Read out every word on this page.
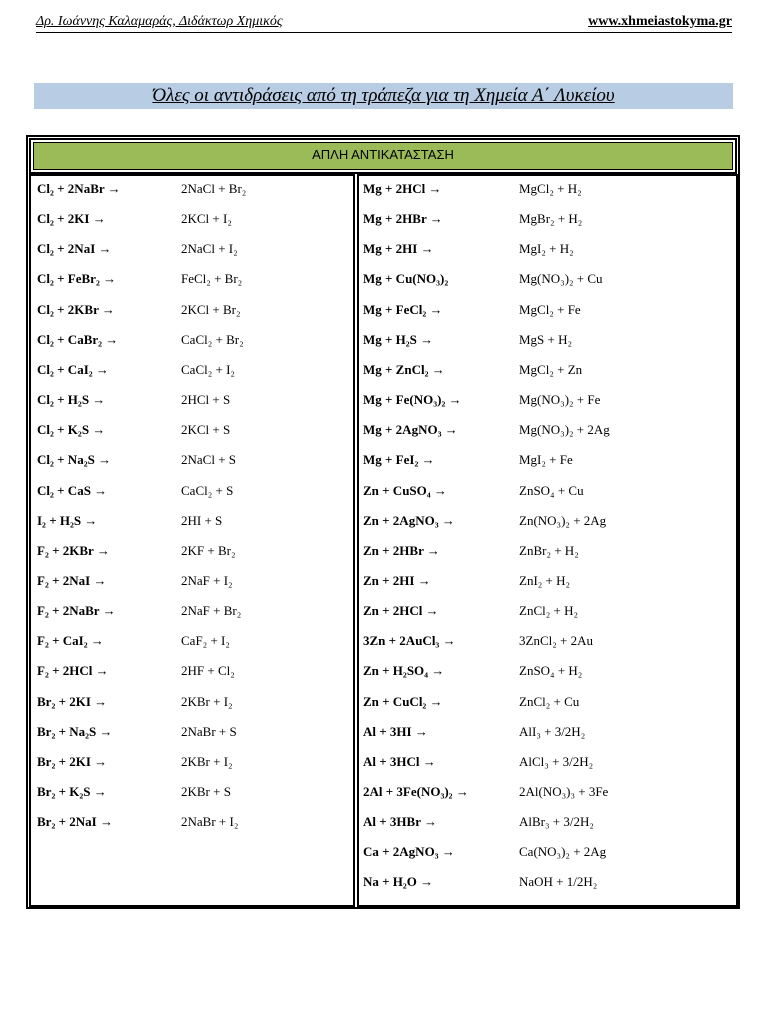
Δρ. Ιωάννης Καλαμαράς, Διδάκτωρ Χημικός	www.xhmeiastokyma.gr
Όλες οι αντιδράσεις από τη τράπεζα για τη Χημεία Α΄ Λυκείου
ΑΠΛΗ ΑΝΤΙΚΑΤΑΣΤΑΣΗ
Cl₂ + 2NaBr →	2NaCl + Br₂
Cl₂ + 2KI →	2KCl + I₂
Cl₂ + 2NaI →	2NaCl + I₂
Cl₂ + FeBr₂ →	FeCl₂ + Br₂
Cl₂ + 2KBr →	2KCl + Br₂
Cl₂ + CaBr₂ →	CaCl₂ + Br₂
Cl₂ + CaI₂ →	CaCl₂ + I₂
Cl₂ + H₂S →	2HCl + S
Cl₂ + K₂S →	2KCl + S
Cl₂ + Na₂S →	2NaCl + S
Cl₂ + CaS →	CaCl₂ + S
I₂ + H₂S →	2HI + S
F₂ + 2KBr →	2KF + Br₂
F₂ + 2NaI →	2NaF + I₂
F₂ + 2NaBr →	2NaF + Br₂
F₂ + CaI₂ →	CaF₂ + I₂
F₂ + 2HCl →	2HF + Cl₂
Br₂ + 2KI →	2KBr + I₂
Br₂ + Na₂S →	2NaBr + S
Br₂ + 2KI →	2KBr + I₂
Br₂ + K₂S →	2KBr + S
Br₂ + 2NaI →	2NaBr + I₂
Mg + 2HCl →	MgCl₂ + H₂
Mg + 2HBr →	MgBr₂ + H₂
Mg + 2HI →	MgI₂ + H₂
Mg + Cu(NO₃)₂	Mg(NO₃)₂ + Cu
Mg + FeCl₂ →	MgCl₂ + Fe
Mg + H₂S →	MgS + H₂
Mg + ZnCl₂ →	MgCl₂ + Zn
Mg + Fe(NO₃)₂ →	Mg(NO₃)₂ + Fe
Mg + 2AgNO₃ →	Mg(NO₃)₂ + 2Ag
Mg + FeI₂ →	MgI₂ + Fe
Zn + CuSO₄ →	ZnSO₄ + Cu
Zn + 2AgNO₃ →	Zn(NO₃)₂ + 2Ag
Zn + 2HBr →	ZnBr₂ + H₂
Zn + 2HI →	ZnI₂ + H₂
Zn + 2HCl →	ZnCl₂ + H₂
3Zn + 2AuCl₃ →	3ZnCl₂ + 2Au
Zn + H₂SO₄ →	ZnSO₄ + H₂
Zn + CuCl₂ →	ZnCl₂ + Cu
Al + 3HI →	AlI₃ + 3/2H₂
Al + 3HCl →	AlCl₃ + 3/2H₂
2Al + 3Fe(NO₃)₂ →	2Al(NO₃)₃ + 3Fe
Al + 3HBr →	AlBr₃ + 3/2H₂
Ca + 2AgNO₃ →	Ca(NO₃)₂ + 2Ag
Na + H₂O →	NaOH + 1/2H₂
